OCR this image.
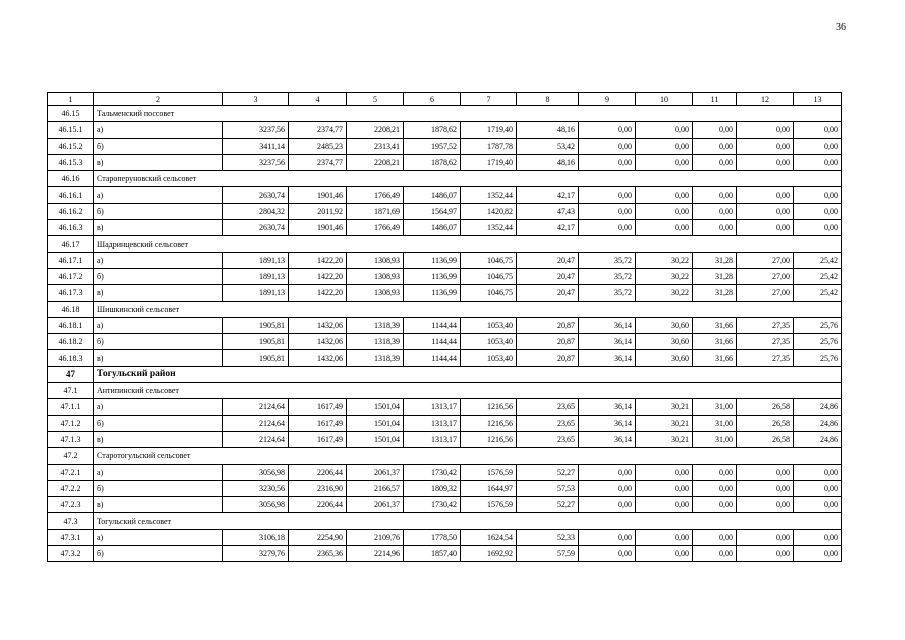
36
1	2	3	4	5	6	7	8	9	10	11	12	13
46.15	Тальменский поссовет											
46.15.1	а)	3237,56	2374,77	2208,21	1878,62	1719,40	48,16	0,00	0,00	0,00	0,00	0,00
46.15.2	б)	3411,14	2485,23	2313,41	1957,52	1787,78	53,42	0,00	0,00	0,00	0,00	0,00
46.15.3	в)	3237,56	2374,77	2208,21	1878,62	1719,40	48,16	0,00	0,00	0,00	0,00	0,00
46.16	Староперуновский сельсовет											
46.16.1	а)	2630,74	1901,46	1766,49	1486,07	1352,44	42,17	0,00	0,00	0,00	0,00	0,00
46.16.2	б)	2804,32	2011,92	1871,69	1564,97	1420,82	47,43	0,00	0,00	0,00	0,00	0,00
46.16.3	в)	2630,74	1901,46	1766,49	1486,07	1352,44	42,17	0,00	0,00	0,00	0,00	0,00
46.17	Шадринцевский сельсовет											
46.17.1	а)	1891,13	1422,20	1308,93	1136,99	1046,75	20,47	35,72	30,22	31,28	27,00	25,42
46.17.2	б)	1891,13	1422,20	1308,93	1136,99	1046,75	20,47	35,72	30,22	31,28	27,00	25,42
46.17.3	в)	1891,13	1422,20	1308,93	1136,99	1046,75	20,47	35,72	30,22	31,28	27,00	25,42
46.18	Шишкинский сельсовет											
46.18.1	а)	1905,81	1432,06	1318,39	1144,44	1053,40	20,87	36,14	30,60	31,66	27,35	25,76
46.18.2	б)	1905,81	1432,06	1318,39	1144,44	1053,40	20,87	36,14	30,60	31,66	27,35	25,76
46.18.3	в)	1905,81	1432,06	1318,39	1144,44	1053,40	20,87	36,14	30,60	31,66	27,35	25,76
47	Тогульский район											
47.1	Антипинский сельсовет											
47.1.1	а)	2124,64	1617,49	1501,04	1313,17	1216,56	23,65	36,14	30,21	31,00	26,58	24,86
47.1.2	б)	2124,64	1617,49	1501,04	1313,17	1216,56	23,65	36,14	30,21	31,00	26,58	24,86
47.1.3	в)	2124,64	1617,49	1501,04	1313,17	1216,56	23,65	36,14	30,21	31,00	26,58	24,86
47.2	Старотогульский сельсовет											
47.2.1	а)	3056,98	2206,44	2061,37	1730,42	1576,59	52,27	0,00	0,00	0,00	0,00	0,00
47.2.2	б)	3230,56	2316,90	2166,57	1809,32	1644,97	57,53	0,00	0,00	0,00	0,00	0,00
47.2.3	в)	3056,98	2206,44	2061,37	1730,42	1576,59	52,27	0,00	0,00	0,00	0,00	0,00
47.3	Тогульский сельсовет											
47.3.1	а)	3106,18	2254,90	2109,76	1778,50	1624,54	52,33	0,00	0,00	0,00	0,00	0,00
47.3.2	б)	3279,76	2365,36	2214,96	1857,40	1692,92	57,59	0,00	0,00	0,00	0,00	0,00
